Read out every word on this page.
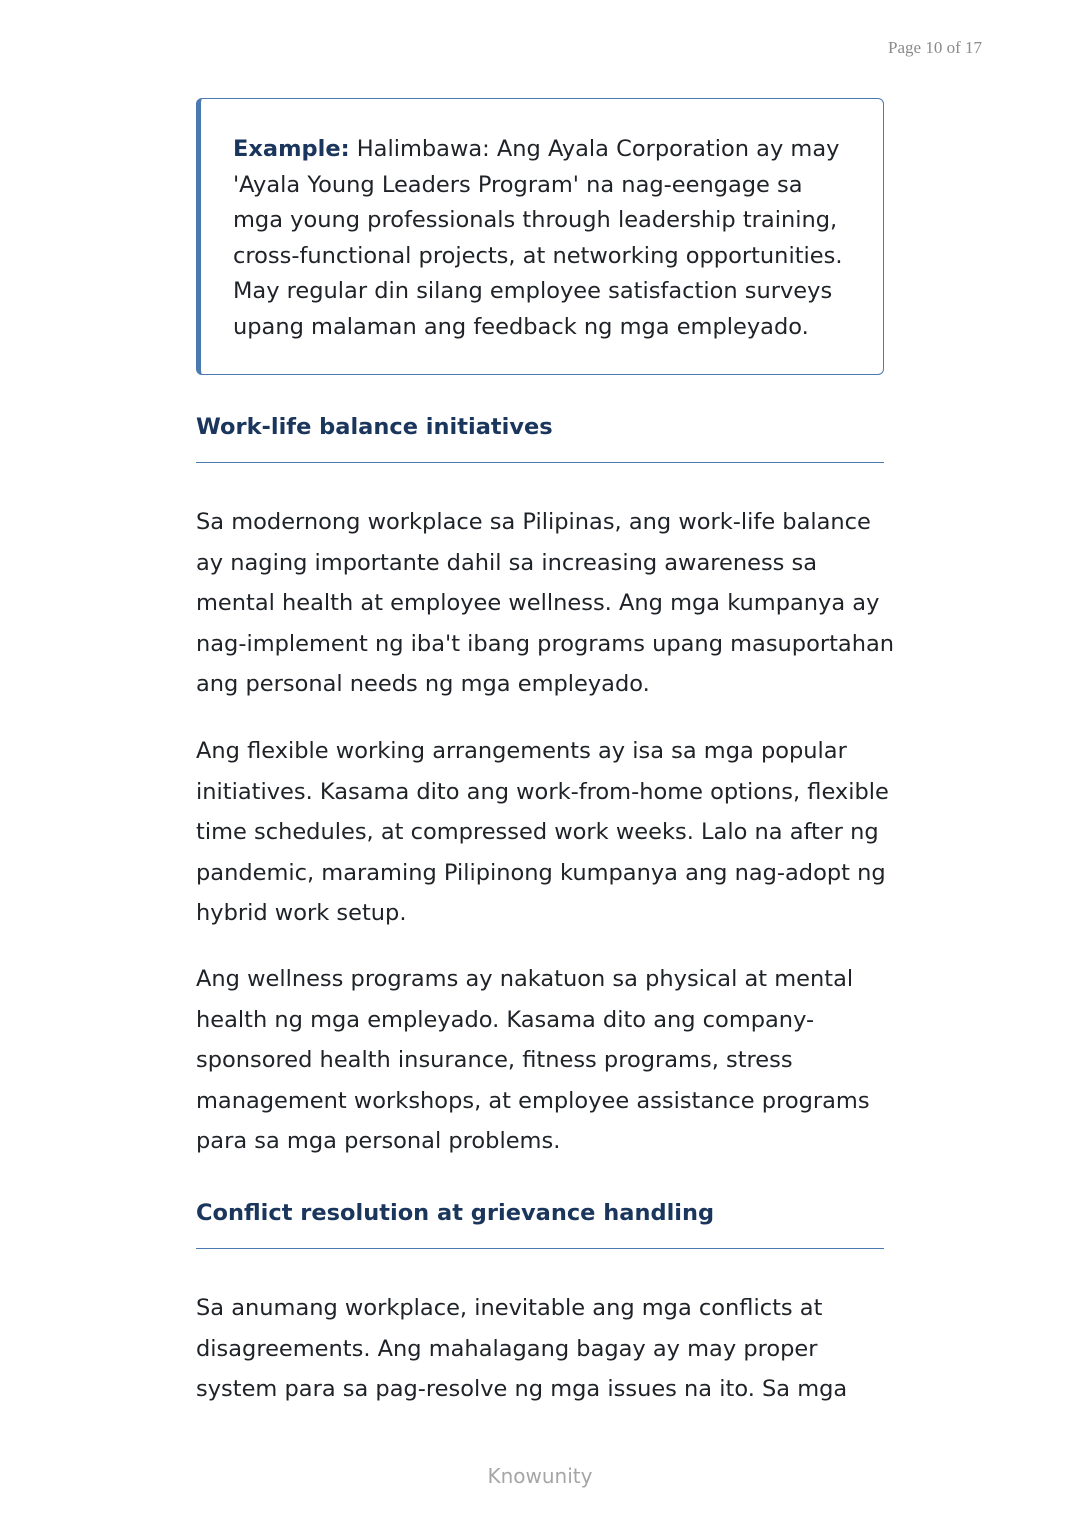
Page 10 of 17
Example: Halimbawa: Ang Ayala Corporation ay may 'Ayala Young Leaders Program' na nag-eengage sa mga young professionals through leadership training, cross-functional projects, at networking opportunities. May regular din silang employee satisfaction surveys upang malaman ang feedback ng mga empleyado.
Work-life balance initiatives

Sa modernong workplace sa Pilipinas, ang work-life balance ay naging importante dahil sa increasing awareness sa mental health at employee wellness. Ang mga kumpanya ay nag-implement ng iba't ibang programs upang masuportahan ang personal needs ng mga empleyado.

Ang flexible working arrangements ay isa sa mga popular initiatives. Kasama dito ang work-from-home options, flexible time schedules, at compressed work weeks. Lalo na after ng pandemic, maraming Pilipinong kumpanya ang nag-adopt ng hybrid work setup.

Ang wellness programs ay nakatuon sa physical at mental health ng mga empleyado. Kasama dito ang company-sponsored health insurance, fitness programs, stress management workshops, at employee assistance programs para sa mga personal problems.

Conflict resolution at grievance handling

Sa anumang workplace, inevitable ang mga conflicts at disagreements. Ang mahalagang bagay ay may proper system para sa pag-resolve ng mga issues na ito. Sa mga

Knowunity
